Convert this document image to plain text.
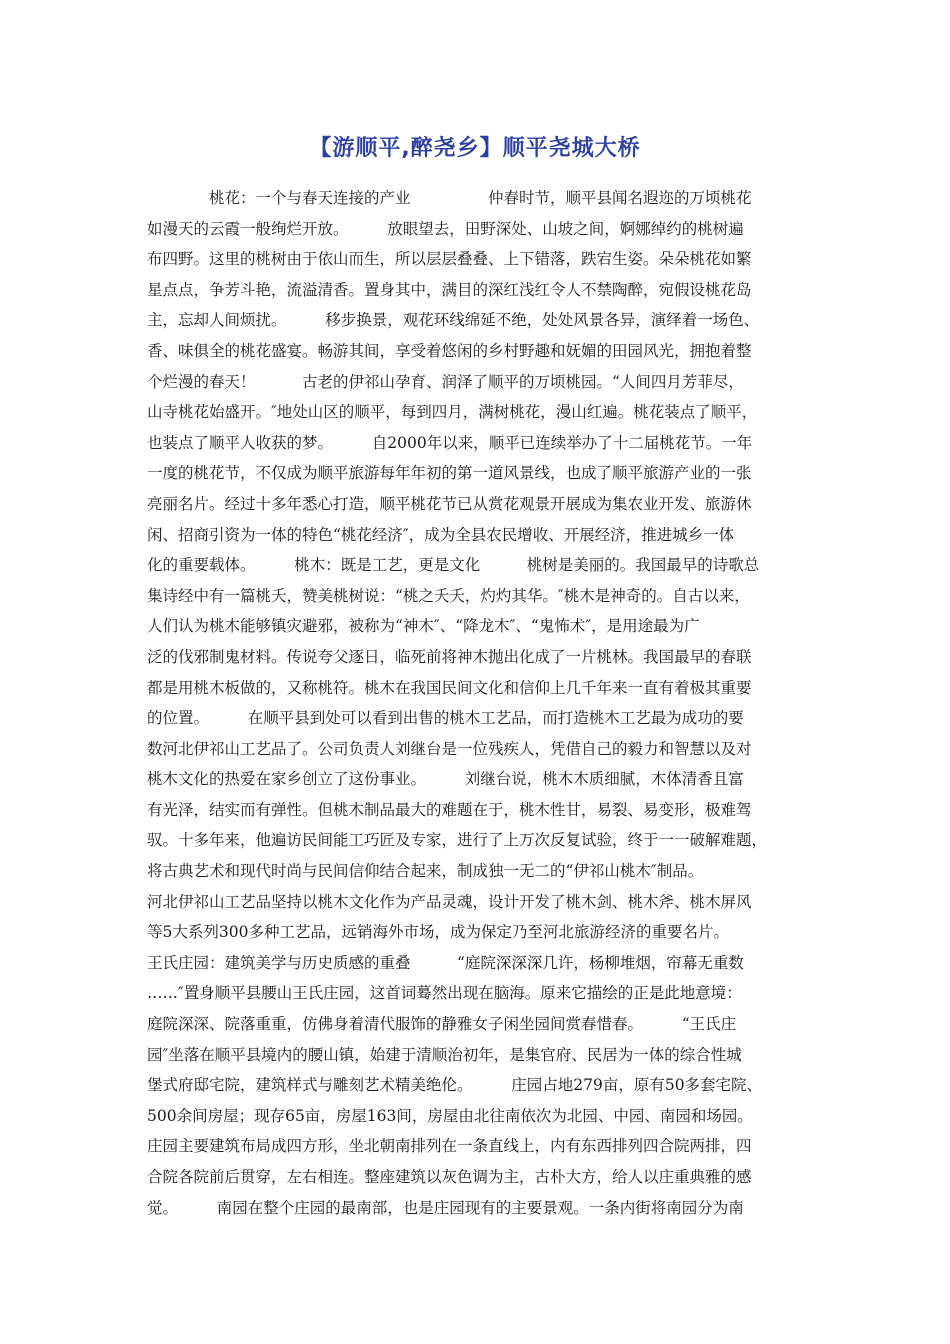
【游顺平,醉尧乡】顺平尧城大桥
　　　　桃花：一个与春天连接的产业　　　　　仲春时节，顺平县闻名遐迩的万顷桃花
如漫天的云霞一般绚烂开放。　　　放眼望去，田野深处、山坡之间，婀娜绰约的桃树遍
布四野。这里的桃树由于依山而生，所以层层叠叠、上下错落，跌宕生姿。朵朵桃花如繁
星点点，争芳斗艳，流溢清香。置身其中，满目的深红浅红令人不禁陶醉，宛假设桃花岛
主，忘却人间烦扰。　　　移步换景，观花环线绵延不绝，处处风景各异，演绎着一场色、
香、味俱全的桃花盛宴。畅游其间，享受着悠闲的乡村野趣和妩媚的田园风光，拥抱着整
个烂漫的春天！　　　古老的伊祁山孕育、润泽了顺平的万顷桃园。“人间四月芳菲尽，
山寺桃花始盛开。″地处山区的顺平，每到四月，满树桃花，漫山红遍。桃花装点了顺平，
也装点了顺平人收获的梦。　　　自2000年以来，顺平已连续举办了十二届桃花节。一年
一度的桃花节，不仅成为顺平旅游每年年初的第一道风景线，也成了顺平旅游产业的一张
亮丽名片。经过十多年悉心打造，顺平桃花节已从赏花观景开展成为集农业开发、旅游休
闲、招商引资为一体的特色“桃花经济″，成为全县农民增收、开展经济，推进城乡一体
化的重要载体。　　　桃木：既是工艺，更是文化　　　桃树是美丽的。我国最早的诗歌总
集诗经中有一篇桃夭，赞美桃树说：“桃之夭夭，灼灼其华。″桃木是神奇的。自古以来，
人们认为桃木能够镇灾避邪，被称为“神木″、“降龙木″、“鬼怖术″，是用途最为广
泛的伐邪制鬼材料。传说夸父逐日，临死前将神木抛出化成了一片桃林。我国最早的春联
都是用桃木板做的，又称桃符。桃木在我国民间文化和信仰上几千年来一直有着极其重要
的位置。　　　在顺平县到处可以看到出售的桃木工艺品，而打造桃木工艺最为成功的要
数河北伊祁山工艺品了。公司负责人刘继台是一位残疾人，凭借自己的毅力和智慧以及对
桃木文化的热爱在家乡创立了这份事业。　　　刘继台说，桃木木质细腻，木体清香且富
有光泽，结实而有弹性。但桃木制品最大的难题在于，桃木性甘，易裂、易变形，极难驾
驭。十多年来，他遍访民间能工巧匠及专家，进行了上万次反复试验，终于一一破解难题，
将古典艺术和现代时尚与民间信仰结合起来，制成独一无二的“伊祁山桃木″制品。
河北伊祁山工艺品坚持以桃木文化作为产品灵魂，设计开发了桃木剑、桃木斧、桃木屏风
等5大系列300多种工艺品，远销海外市场，成为保定乃至河北旅游经济的重要名片。
王氏庄园：建筑美学与历史质感的重叠　　　“庭院深深深几许，杨柳堆烟，帘幕无重数
……″置身顺平县腰山王氏庄园，这首词蓦然出现在脑海。原来它描绘的正是此地意境：
庭院深深、院落重重，仿佛身着清代服饰的静雅女子闲坐园间赏春惜春。　　　“王氏庄
园″坐落在顺平县境内的腰山镇，始建于清顺治初年，是集官府、民居为一体的综合性城
堡式府邸宅院，建筑样式与雕刻艺术精美绝伦。　　　庄园占地279亩，原有50多套宅院、
500余间房屋；现存65亩，房屋163间，房屋由北往南依次为北园、中园、南园和场园。
庄园主要建筑布局成四方形，坐北朝南排列在一条直线上，内有东西排列四合院两排，四
合院各院前后贯穿，左右相连。整座建筑以灰色调为主，古朴大方，给人以庄重典雅的感
觉。　　　南园在整个庄园的最南部，也是庄园现有的主要景观。一条内街将南园分为南
